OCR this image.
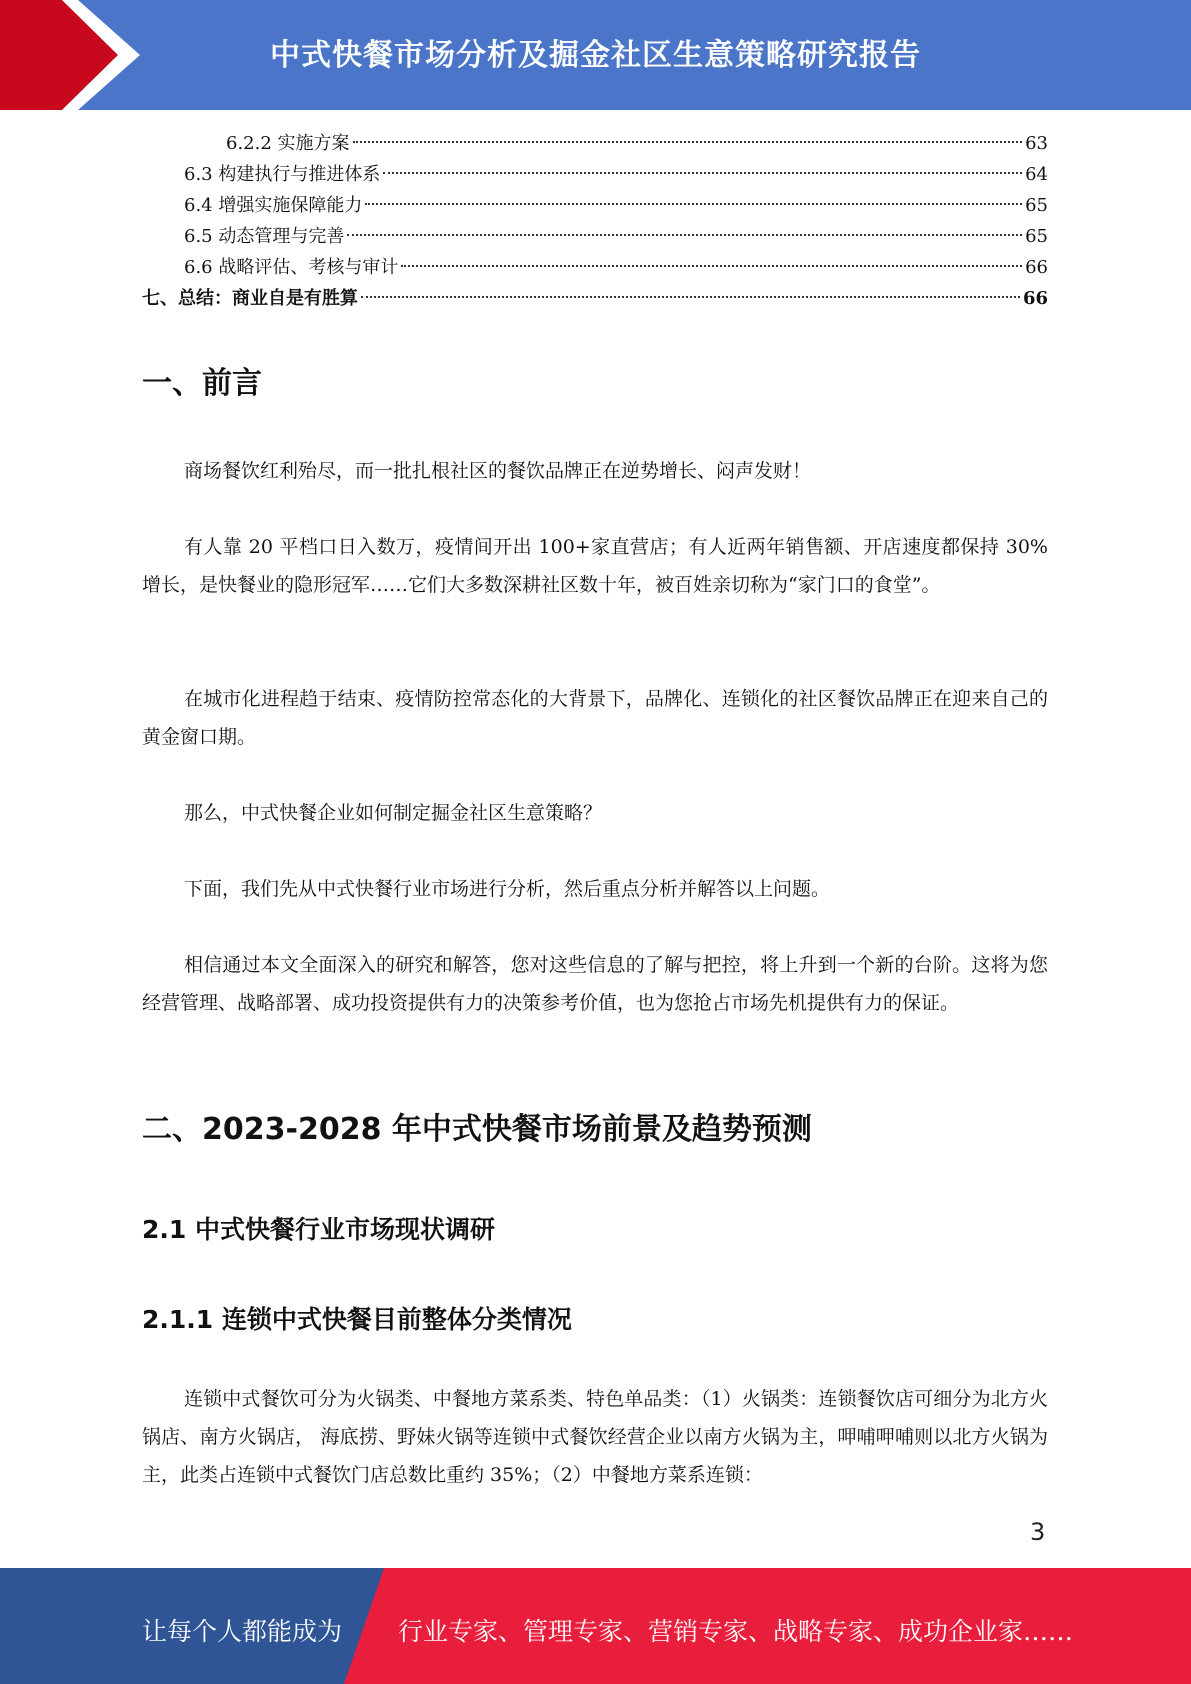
中式快餐市场分析及掘金社区生意策略研究报告
6.2.2 实施方案	63
6.3 构建执行与推进体系	64
6.4 增强实施保障能力	65
6.5 动态管理与完善	65
6.6 战略评估、考核与审计	66
七、总结：商业自是有胜算	66
一、前言

商场餐饮红利殆尽，而一批扎根社区的餐饮品牌正在逆势增长、闷声发财！

有人靠 20 平档口日入数万，疫情间开出 100+家直营店；有人近两年销售额、开店速度都保持 30%增长，是快餐业的隐形冠军……它们大多数深耕社区数十年，被百姓亲切称为“家门口的食堂”。

在城市化进程趋于结束、疫情防控常态化的大背景下，品牌化、连锁化的社区餐饮品牌正在迎来自己的黄金窗口期。

那么，中式快餐企业如何制定掘金社区生意策略？

下面，我们先从中式快餐行业市场进行分析，然后重点分析并解答以上问题。

相信通过本文全面深入的研究和解答，您对这些信息的了解与把控，将上升到一个新的台阶。这将为您经营管理、战略部署、成功投资提供有力的决策参考价值，也为您抢占市场先机提供有力的保证。

二、2023-2028 年中式快餐市场前景及趋势预测
2.1 中式快餐行业市场现状调研
2.1.1 连锁中式快餐目前整体分类情况

连锁中式餐饮可分为火锅类、中餐地方菜系类、特色单品类：（1）火锅类：连锁餐饮店可细分为北方火锅店、南方火锅店， 海底捞、野妹火锅等连锁中式餐饮经营企业以南方火锅为主，呷哺呷哺则以北方火锅为主，此类占连锁中式餐饮门店总数比重约 35%；（2）中餐地方菜系连锁：

3
让每个人都能成为 行业专家、管理专家、营销专家、战略专家、成功企业家……
